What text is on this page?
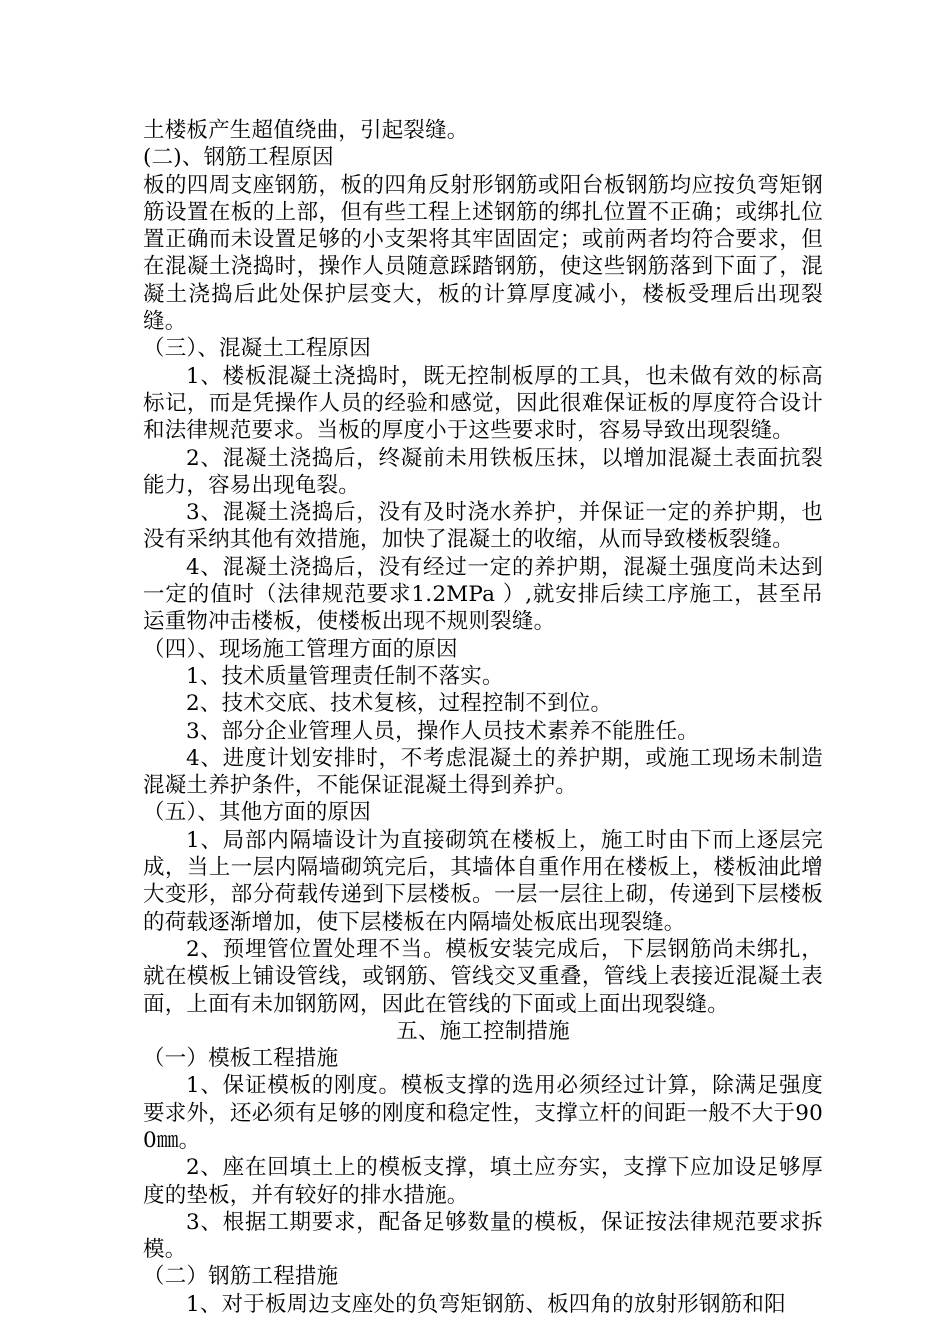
土楼板产生超值绕曲，引起裂缝。

(二)、钢筋工程原因

板的四周支座钢筋，板的四角反射形钢筋或阳台板钢筋均应按负弯矩钢筋设置在板的上部，但有些工程上述钢筋的绑扎位置不正确；或绑扎位置正确而未设置足够的小支架将其牢固固定；或前两者均符合要求，但在混凝土浇捣时，操作人员随意踩踏钢筋，使这些钢筋落到下面了，混凝土浇捣后此处保护层变大，板的计算厚度减小，楼板受理后出现裂缝。

（三）、混凝土工程原因

1、楼板混凝土浇捣时，既无控制板厚的工具，也未做有效的标高标记，而是凭操作人员的经验和感觉，因此很难保证板的厚度符合设计和法律规范要求。当板的厚度小于这些要求时，容易导致出现裂缝。

2、混凝土浇捣后，终凝前未用铁板压抹，以增加混凝土表面抗裂能力，容易出现龟裂。

3、混凝土浇捣后，没有及时浇水养护，并保证一定的养护期，也没有采纳其他有效措施，加快了混凝土的收缩，从而导致楼板裂缝。

4、混凝土浇捣后，没有经过一定的养护期，混凝土强度尚未达到一定的值时（法律规范要求1.2MPa ）,就安排后续工序施工，甚至吊运重物冲击楼板，使楼板出现不规则裂缝。

（四）、现场施工管理方面的原因

1、技术质量管理责任制不落实。

2、技术交底、技术复核，过程控制不到位。

3、部分企业管理人员，操作人员技术素养不能胜任。

4、进度计划安排时，不考虑混凝土的养护期，或施工现场未制造混凝土养护条件，不能保证混凝土得到养护。

（五）、其他方面的原因

1、局部内隔墙设计为直接砌筑在楼板上，施工时由下而上逐层完成，当上一层内隔墙砌筑完后，其墙体自重作用在楼板上，楼板油此增大变形，部分荷载传递到下层楼板。一层一层往上砌，传递到下层楼板的荷载逐渐增加，使下层楼板在内隔墙处板底出现裂缝。

2、预埋管位置处理不当。模板安装完成后，下层钢筋尚未绑扎，就在模板上铺设管线，或钢筋、管线交叉重叠，管线上表接近混凝土表面，上面有未加钢筋网，因此在管线的下面或上面出现裂缝。

五、施工控制措施

（一）模板工程措施

1、保证模板的刚度。模板支撑的选用必须经过计算，除满足强度要求外，还必须有足够的刚度和稳定性，支撑立杆的间距一般不大于900㎜。

2、座在回填土上的模板支撑，填土应夯实，支撑下应加设足够厚度的垫板，并有较好的排水措施。

3、根据工期要求，配备足够数量的模板，保证按法律规范要求拆模。

（二）钢筋工程措施

1、对于板周边支座处的负弯矩钢筋、板四角的放射形钢筋和阳
